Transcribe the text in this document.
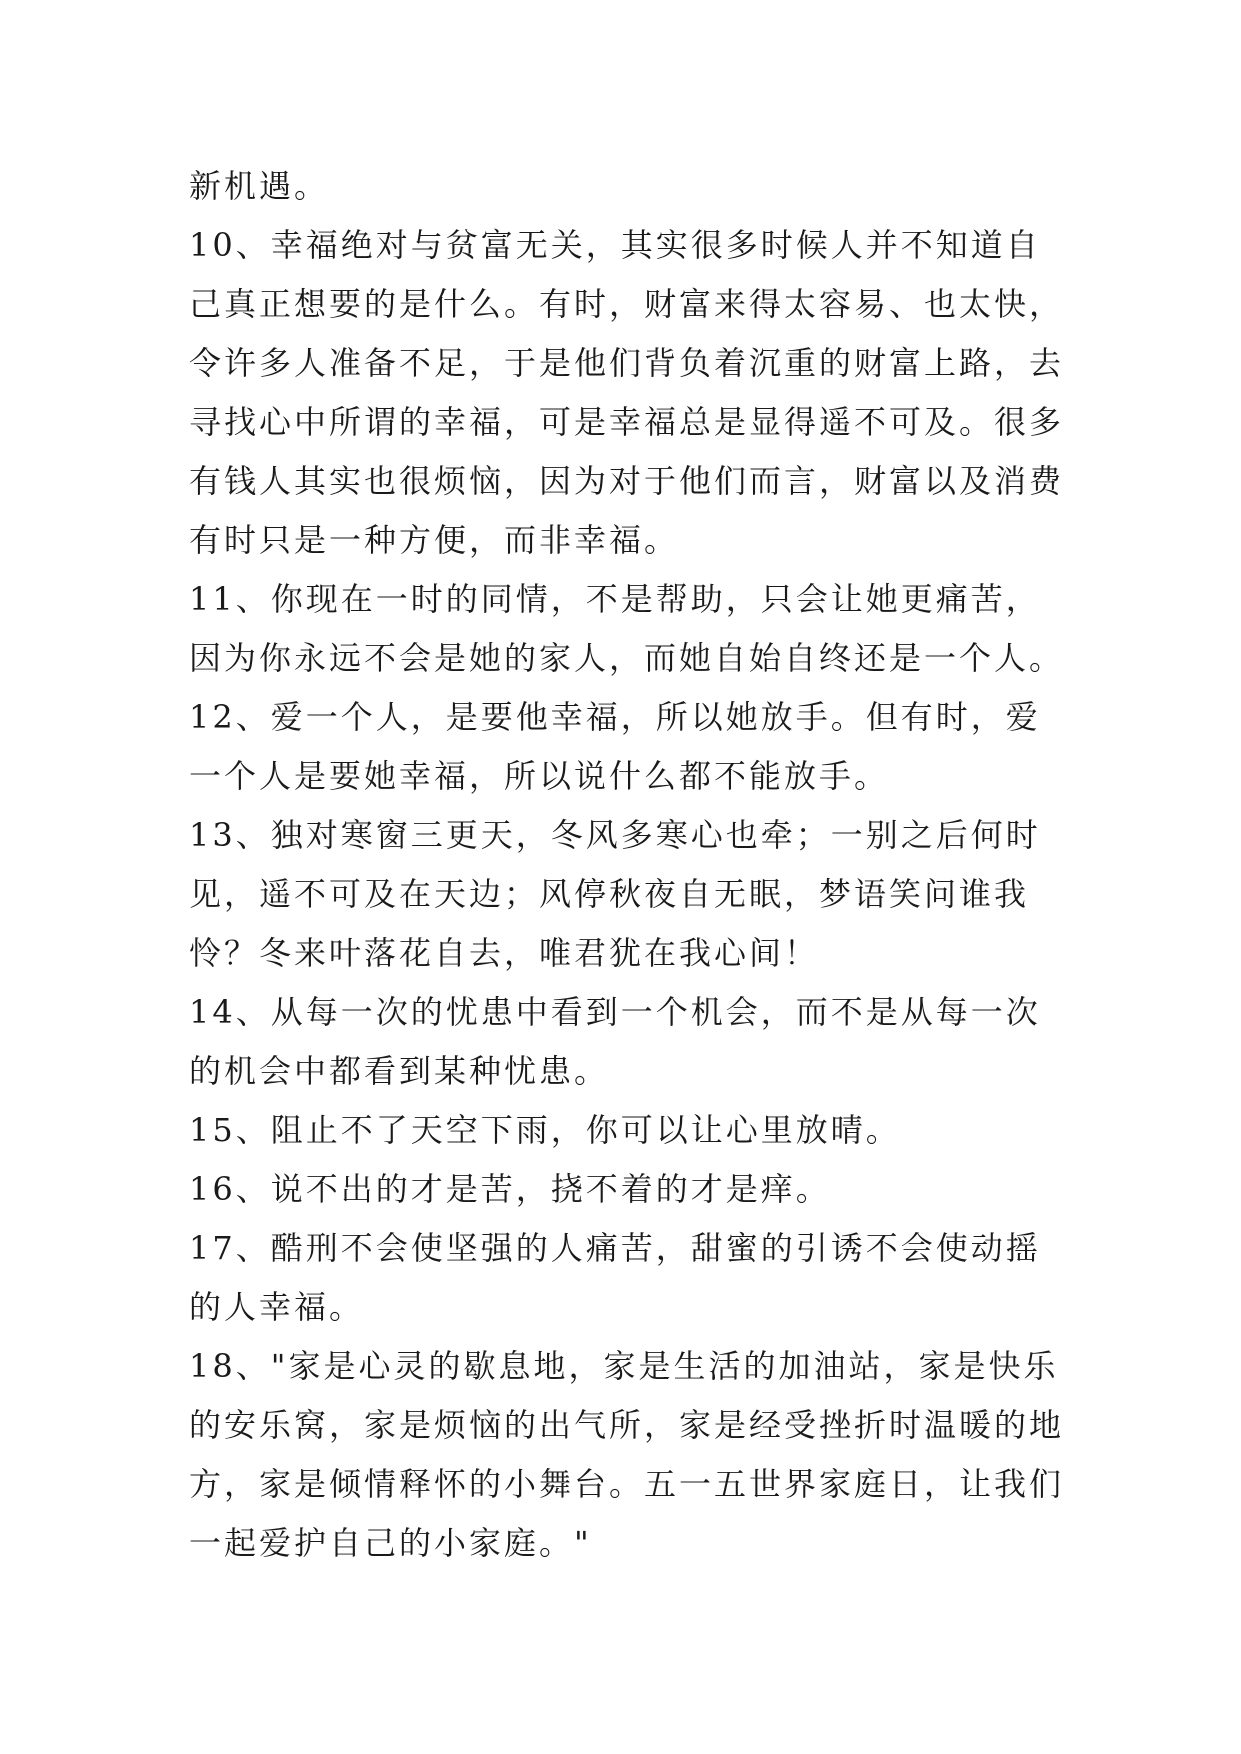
新机遇。

10、幸福绝对与贫富无关，其实很多时候人并不知道自己真正想要的是什么。有时，财富来得太容易、也太快，令许多人准备不足，于是他们背负着沉重的财富上路，去寻找心中所谓的幸福，可是幸福总是显得遥不可及。很多有钱人其实也很烦恼，因为对于他们而言，财富以及消费有时只是一种方便，而非幸福。

11、你现在一时的同情，不是帮助，只会让她更痛苦，因为你永远不会是她的家人，而她自始自终还是一个人。

12、爱一个人，是要他幸福，所以她放手。但有时，爱一个人是要她幸福，所以说什么都不能放手。

13、独对寒窗三更天，冬风多寒心也牵；一别之后何时见，遥不可及在天边；风停秋夜自无眠，梦语笑问谁我怜？冬来叶落花自去，唯君犹在我心间！

14、从每一次的忧患中看到一个机会，而不是从每一次的机会中都看到某种忧患。

15、阻止不了天空下雨，你可以让心里放晴。

16、说不出的才是苦，挠不着的才是痒。

17、酷刑不会使坚强的人痛苦，甜蜜的引诱不会使动摇的人幸福。

18、"家是心灵的歇息地，家是生活的加油站，家是快乐的安乐窝，家是烦恼的出气所，家是经受挫折时温暖的地方，家是倾情释怀的小舞台。五一五世界家庭日，让我们一起爱护自己的小家庭。"
